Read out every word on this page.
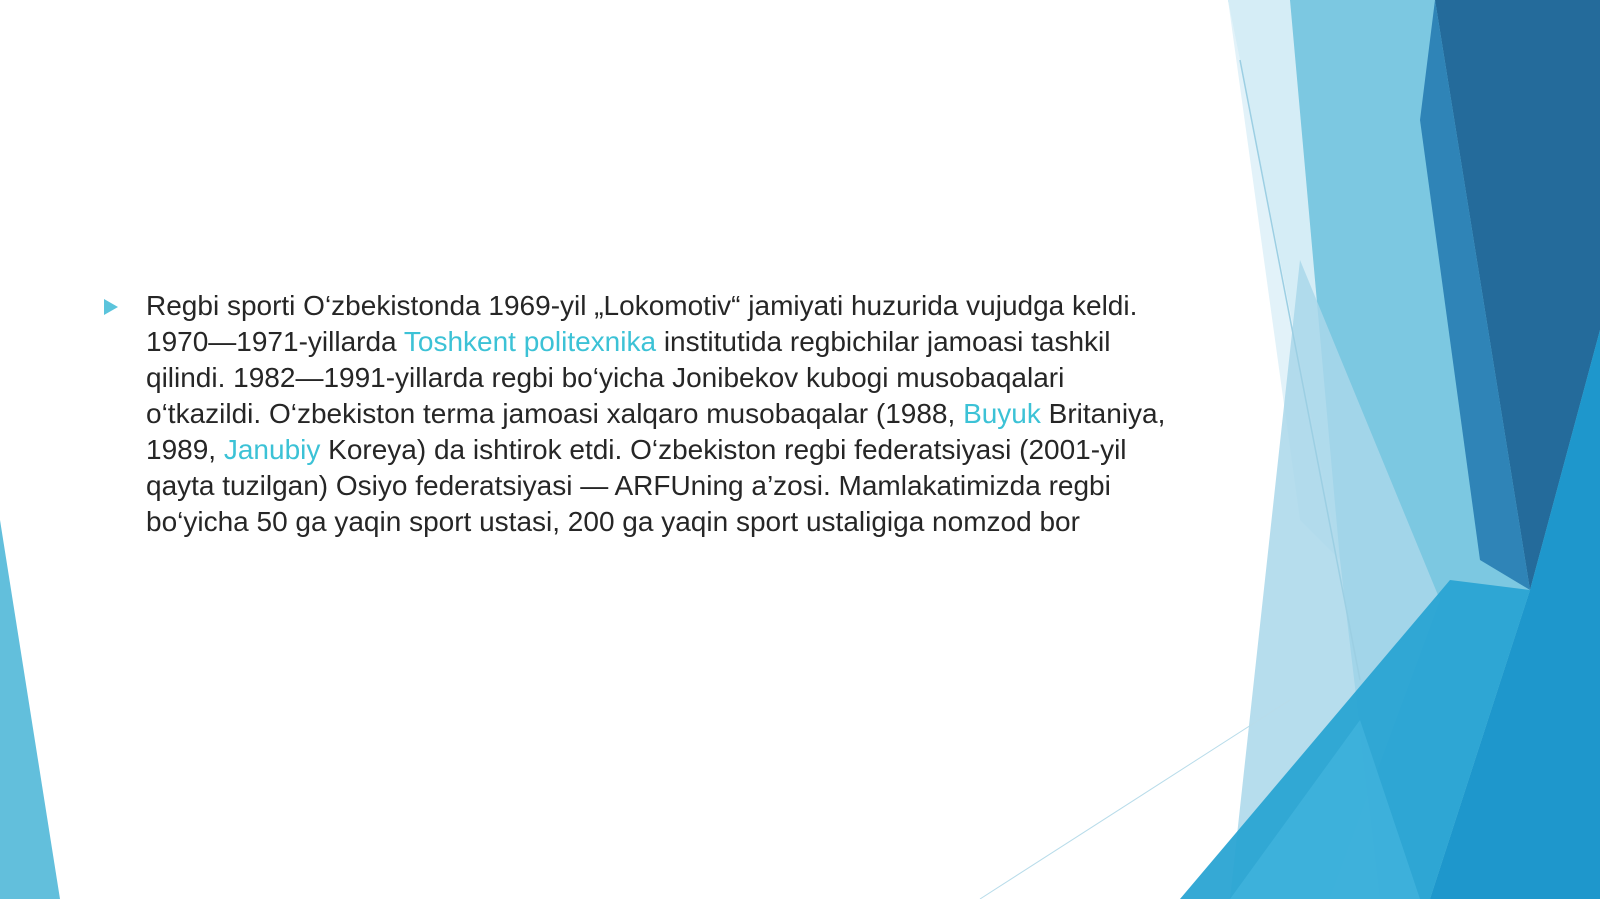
Regbi sporti O‘zbekistonda 1969-yil „Lokomotiv“ jamiyati huzurida vujudga keldi. 1970—1971-yillarda Toshkent politexnika institutida regbichilar jamoasi tashkil qilindi. 1982—1991-yillarda regbi bo‘yicha Jonibekov kubogi musobaqalari o‘tkazildi. O‘zbekiston terma jamoasi xalqaro musobaqalar (1988, Buyuk Britaniya, 1989, Janubiy Koreya) da ishtirok etdi. O‘zbekiston regbi federatsiyasi (2001-yil qayta tuzilgan) Osiyo federatsiyasi — ARFUning a’zosi. Mamlakatimizda regbi bo‘yicha 50 ga yaqin sport ustasi, 200 ga yaqin sport ustaligiga nomzod bor
